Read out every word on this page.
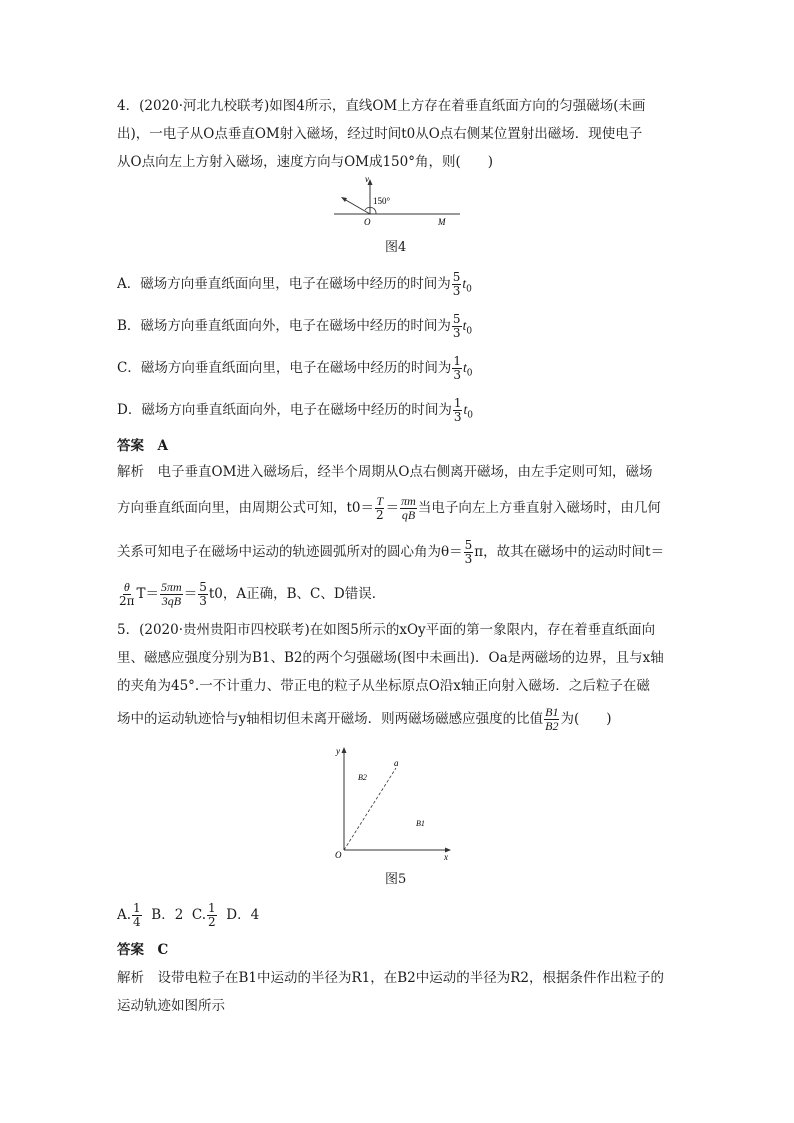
4．(2020·河北九校联考)如图4所示，直线OM上方存在着垂直纸面方向的匀强磁场(未画
出)，一电子从O点垂直OM射入磁场，经过时间t0从O点右侧某位置射出磁场．现使电子
从O点向左上方射入磁场，速度方向与OM成150°角，则(　　)
v
150°
O	M
图4
A．磁场方向垂直纸面向里，电子在磁场中经历的时间为 $\frac{5}{3} t_0$
B．磁场方向垂直纸面向外，电子在磁场中经历的时间为 $\frac{5}{3} t_0$
C．磁场方向垂直纸面向里，电子在磁场中经历的时间为 $\frac{1}{3} t_0$
D．磁场方向垂直纸面向外，电子在磁场中经历的时间为 $\frac{1}{3} t_0$
答案　A
解析　电子垂直OM进入磁场后，经半个周期从O点右侧离开磁场，由左手定则可知，磁场
方向垂直纸面向里，由周期公式可知，$t0= \frac{T}{2} = \frac{\pi m}{qB}$ 当电子向左上方垂直射入磁场时，由几何
关系可知电子在磁场中运动的轨迹圆弧所对的圆心角为$\theta= \frac{5}{3}$ π，故其在磁场中的运动时间t＝
$\frac{\theta}{2\pi} T= \frac{5\pi m}{3qB} = \frac{5}{3} t0$，A正确，B、C、D错误．
5．(2020·贵州贵阳市四校联考)在如图5所示的xOy平面的第一象限内，存在着垂直纸面向
里、磁感应强度分别为B1、B2的两个匀强磁场(图中未画出)．Oa是两磁场的边界，且与x轴
的夹角为45°.一不计重力、带正电的粒子从坐标原点O沿x轴正向射入磁场．之后粒子在磁
场中的运动轨迹恰与y轴相切但未离开磁场．则两磁场磁感应强度的比值 $\frac{B1}{B2}$ 为(　　)
y
x
O
a
B2
B1
图5
A. $\frac{1}{4}$ B．2 C. $\frac{1}{2}$ D．4
答案　C
解析　设带电粒子在B1中运动的半径为R1，在B2中运动的半径为R2，根据条件作出粒子的
运动轨迹如图所示
